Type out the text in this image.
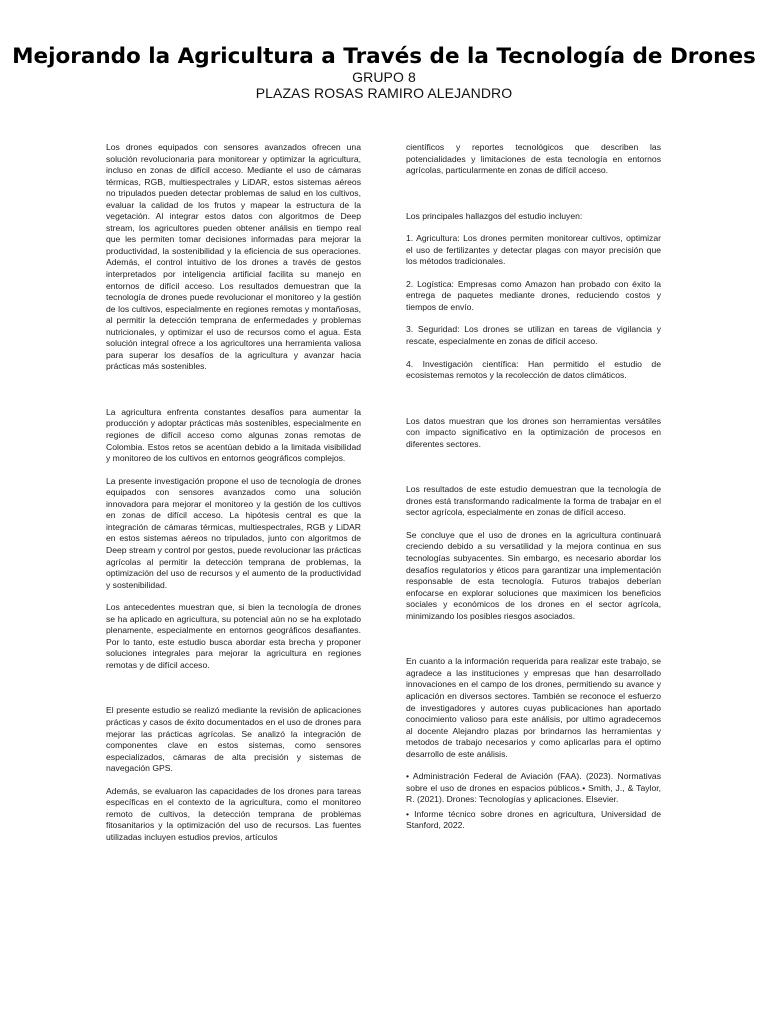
Mejorando la Agricultura a Través de la Tecnología de Drones

GRUPO 8

PLAZAS ROSAS RAMIRO ALEJANDRO

Los drones equipados con sensores avanzados ofrecen una solución revolucionaria para monitorear y optimizar la agricultura, incluso en zonas de difícil acceso. Mediante el uso de cámaras térmicas, RGB, multiespectrales y LiDAR, estos sistemas aéreos no tripulados pueden detectar problemas de salud en los cultivos, evaluar la calidad de los frutos y mapear la estructura de la vegetación. Al integrar estos datos con algoritmos de Deep stream, los agricultores pueden obtener análisis en tiempo real que les permiten tomar decisiones informadas para mejorar la productividad, la sostenibilidad y la eficiencia de sus operaciones. Además, el control intuitivo de los drones a través de gestos interpretados por inteligencia artificial facilita su manejo en entornos de difícil acceso. Los resultados demuestran que la tecnología de drones puede revolucionar el monitoreo y la gestión de los cultivos, especialmente en regiones remotas y montañosas, al permitir la detección temprana de enfermedades y problemas nutricionales, y optimizar el uso de recursos como el agua. Esta solución integral ofrece a los agricultores una herramienta valiosa para superar los desafíos de la agricultura y avanzar hacia prácticas más sostenibles.

La agricultura enfrenta constantes desafíos para aumentar la producción y adoptar prácticas más sostenibles, especialmente en regiones de difícil acceso como algunas zonas remotas de Colombia. Estos retos se acentúan debido a la limitada visibilidad y monitoreo de los cultivos en entornos geográficos complejos.

La presente investigación propone el uso de tecnología de drones equipados con sensores avanzados como una solución innovadora para mejorar el monitoreo y la gestión de los cultivos en zonas de difícil acceso. La hipótesis central es que la integración de cámaras térmicas, multiespectrales, RGB y LiDAR en estos sistemas aéreos no tripulados, junto con algoritmos de Deep stream y control por gestos, puede revolucionar las prácticas agrícolas al permitir la detección temprana de problemas, la optimización del uso de recursos y el aumento de la productividad y sostenibilidad.

Los antecedentes muestran que, si bien la tecnología de drones se ha aplicado en agricultura, su potencial aún no se ha explotado plenamente, especialmente en entornos geográficos desafiantes. Por lo tanto, este estudio busca abordar esta brecha y proponer soluciones integrales para mejorar la agricultura en regiones remotas y de difícil acceso.

El presente estudio se realizó mediante la revisión de aplicaciones prácticas y casos de éxito documentados en el uso de drones para mejorar las prácticas agrícolas. Se analizó la integración de componentes clave en estos sistemas, como sensores especializados, cámaras de alta precisión y sistemas de navegación GPS.

Además, se evaluaron las capacidades de los drones para tareas específicas en el contexto de la agricultura, como el monitoreo remoto de cultivos, la detección temprana de problemas fitosanitarios y la optimización del uso de recursos. Las fuentes utilizadas incluyen estudios previos, artículos

científicos y reportes tecnológicos que describen las potencialidades y limitaciones de esta tecnología en entornos agrícolas, particularmente en zonas de difícil acceso.

Los principales hallazgos del estudio incluyen:

1. Agricultura: Los drones permiten monitorear cultivos, optimizar el uso de fertilizantes y detectar plagas con mayor precisión que los métodos tradicionales.

2. Logística: Empresas como Amazon han probado con éxito la entrega de paquetes mediante drones, reduciendo costos y tiempos de envío.

3. Seguridad: Los drones se utilizan en tareas de vigilancia y rescate, especialmente en zonas de difícil acceso.

4. Investigación científica: Han permitido el estudio de ecosistemas remotos y la recolección de datos climáticos.

Los datos muestran que los drones son herramientas versátiles con impacto significativo en la optimización de procesos en diferentes sectores.

Los resultados de este estudio demuestran que la tecnología de drones está transformando radicalmente la forma de trabajar en el sector agrícola, especialmente en zonas de difícil acceso.

Se concluye que el uso de drones en la agricultura continuará creciendo debido a su versatilidad y la mejora continua en sus tecnologías subyacentes. Sin embargo, es necesario abordar los desafíos regulatorios y éticos para garantizar una implementación responsable de esta tecnología. Futuros trabajos deberían enfocarse en explorar soluciones que maximicen los beneficios sociales y económicos de los drones en el sector agrícola, minimizando los posibles riesgos asociados.

En cuanto a la información requerida para realizar este trabajo, se agradece a las instituciones y empresas que han desarrollado innovaciones en el campo de los drones, permitiendo su avance y aplicación en diversos sectores. También se reconoce el esfuerzo de investigadores y autores cuyas publicaciones han aportado conocimiento valioso para este análisis, por ultimo agradecemos al docente Alejandro plazas por brindarnos las herramientas y metodos de trabajo necesarios y como aplicarlas para el optimo desarrollo de este análisis.

• Administración Federal de Aviación (FAA). (2023). Normativas sobre el uso de drones en espacios públicos.• Smith, J., & Taylor, R. (2021). Drones: Tecnologías y aplicaciones. Elsevier.

• Informe técnico sobre drones en agricultura, Universidad de Stanford, 2022.
